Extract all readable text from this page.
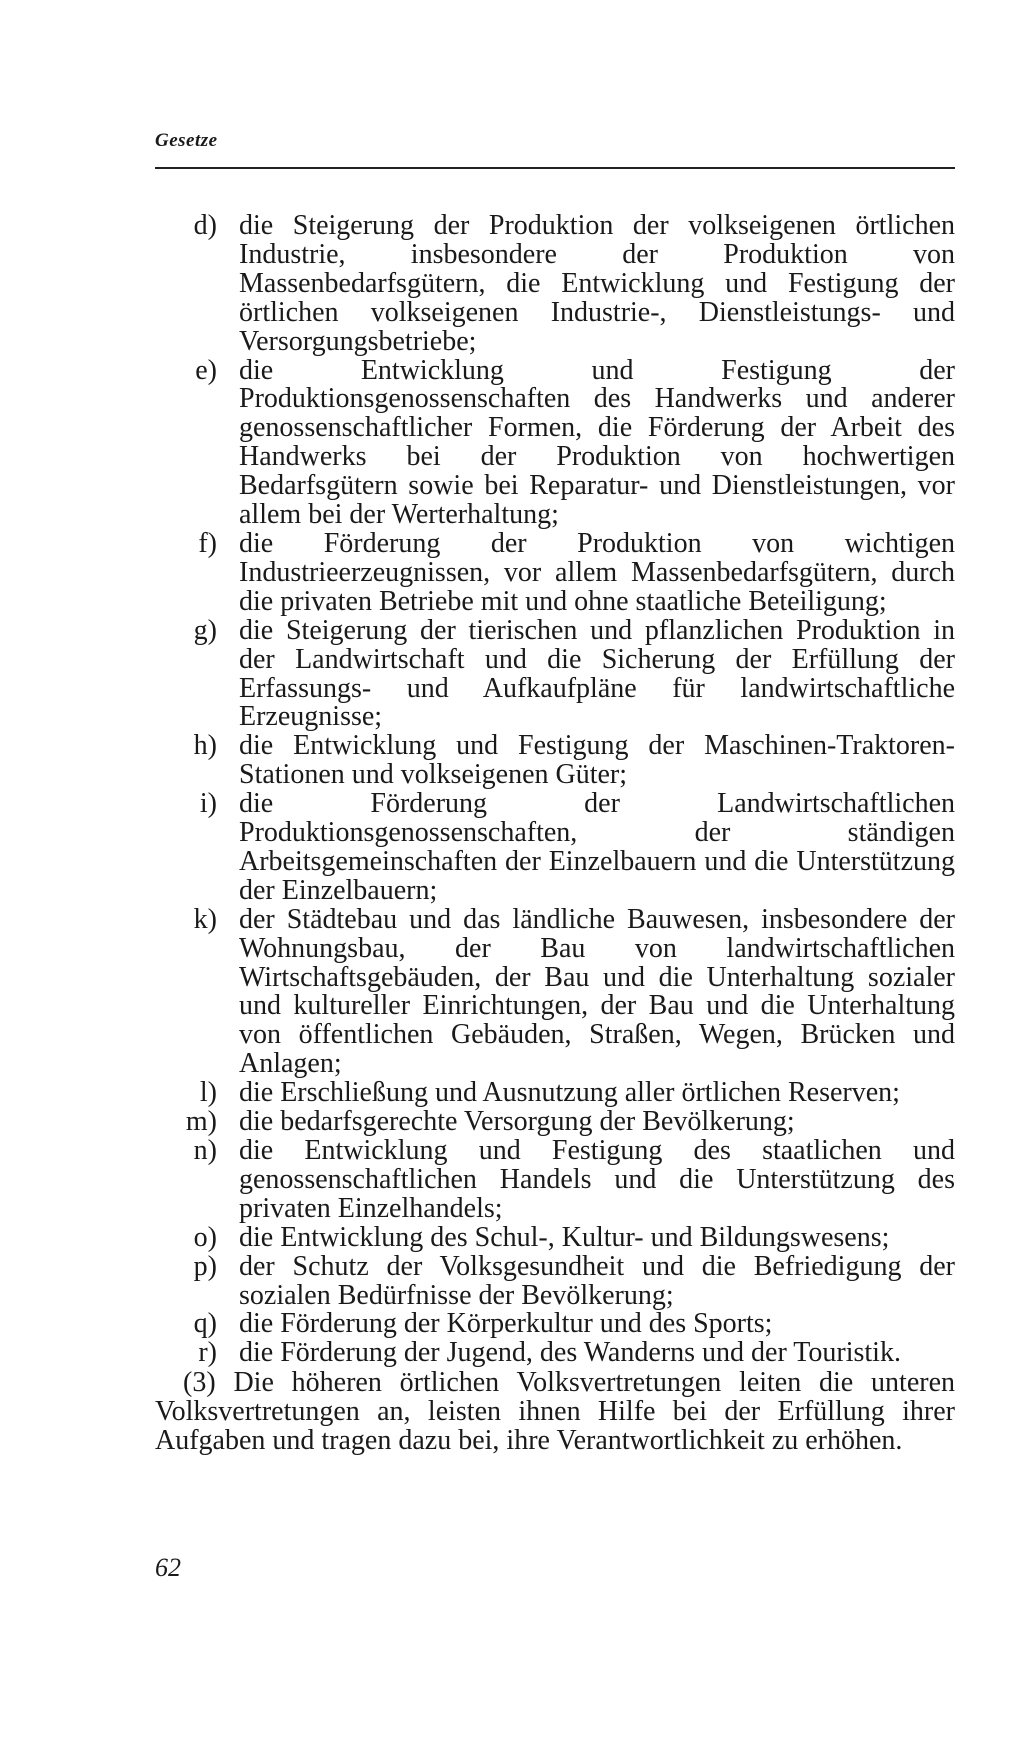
Gesetze
d) die Steigerung der Produktion der volkseigenen örtlichen Industrie, insbesondere der Produktion von Massenbedarfsgütern, die Entwicklung und Festigung der örtlichen volkseigenen Industrie-, Dienstleistungs- und Versorgungsbetriebe;
e) die Entwicklung und Festigung der Produktionsgenossenschaften des Handwerks und anderer genossenschaftlicher Formen, die Förderung der Arbeit des Handwerks bei der Produktion von hochwertigen Bedarfsgütern sowie bei Reparatur- und Dienstleistungen, vor allem bei der Werterhaltung;
f) die Förderung der Produktion von wichtigen Industrieerzeugnissen, vor allem Massenbedarfsgütern, durch die privaten Betriebe mit und ohne staatliche Beteiligung;
g) die Steigerung der tierischen und pflanzlichen Produktion in der Landwirtschaft und die Sicherung der Erfüllung der Erfassungs- und Aufkaufpläne für landwirtschaftliche Erzeugnisse;
h) die Entwicklung und Festigung der Maschinen-Traktoren-Stationen und volkseigenen Güter;
i) die Förderung der Landwirtschaftlichen Produktionsgenossenschaften, der ständigen Arbeitsgemeinschaften der Einzelbauern und die Unterstützung der Einzelbauern;
k) der Städtebau und das ländliche Bauwesen, insbesondere der Wohnungsbau, der Bau von landwirtschaftlichen Wirtschaftsgebäuden, der Bau und die Unterhaltung sozialer und kultureller Einrichtungen, der Bau und die Unterhaltung von öffentlichen Gebäuden, Straßen, Wegen, Brücken und Anlagen;
l) die Erschließung und Ausnutzung aller örtlichen Reserven;
m) die bedarfsgerechte Versorgung der Bevölkerung;
n) die Entwicklung und Festigung des staatlichen und genossenschaftlichen Handels und die Unterstützung des privaten Einzelhandels;
o) die Entwicklung des Schul-, Kultur- und Bildungswesens;
p) der Schutz der Volksgesundheit und die Befriedigung der sozialen Bedürfnisse der Bevölkerung;
q) die Förderung der Körperkultur und des Sports;
r) die Förderung der Jugend, des Wanderns und der Touristik.
(3) Die höheren örtlichen Volksvertretungen leiten die unteren Volksvertretungen an, leisten ihnen Hilfe bei der Erfüllung ihrer Aufgaben und tragen dazu bei, ihre Verantwortlichkeit zu erhöhen.
62
